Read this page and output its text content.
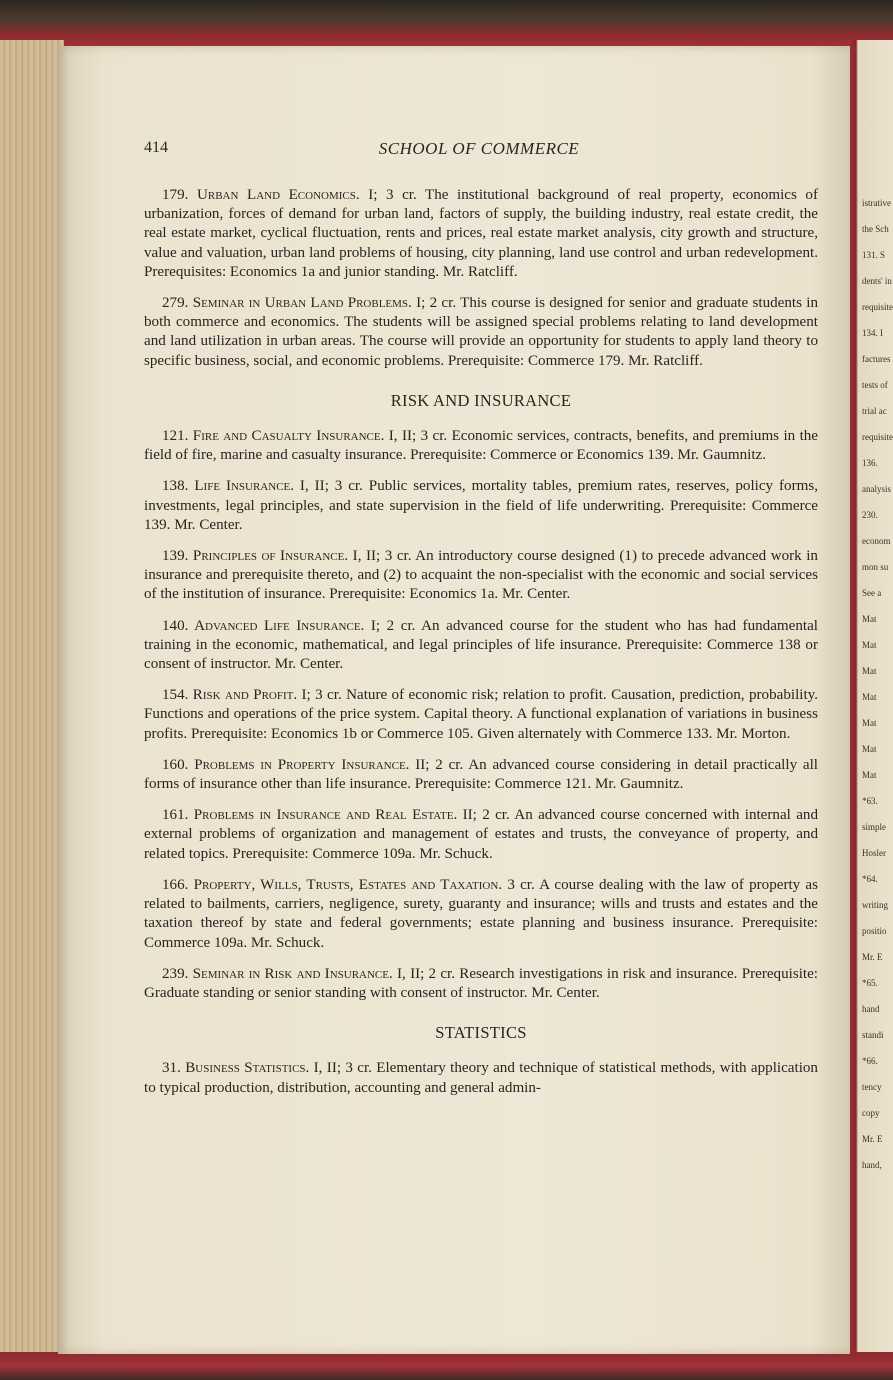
istrative
the Sch
131. S
dents' in
requisite
134. I
factures
tests of
trial ac
requisite
136.
analysis
230.
econom
mon su
See a
Mat
Mat
Mat
Mat
Mat
Mat
Mat
*63.
simple
Hosler
*64.
writing
positio
Mr. E
*65.
hand
standi
*66.
tency
copy
Mr. E
hand,
414	SCHOOL OF COMMERCE

179. Urban Land Economics. I; 3 cr. The institutional background of real property, economics of urbanization, forces of demand for urban land, factors of supply, the building industry, real estate credit, the real estate market, cyclical fluctuation, rents and prices, real estate market analysis, city growth and structure, value and valuation, urban land problems of housing, city planning, land use control and urban redevelopment. Prerequisites: Economics 1a and junior standing. Mr. Ratcliff.

279. Seminar in Urban Land Problems. I; 2 cr. This course is designed for senior and graduate students in both commerce and economics. The students will be assigned special problems relating to land development and land utilization in urban areas. The course will provide an opportunity for students to apply land theory to specific business, social, and economic problems. Prerequisite: Commerce 179. Mr. Ratcliff.

RISK AND INSURANCE

121. Fire and Casualty Insurance. I, II; 3 cr. Economic services, contracts, benefits, and premiums in the field of fire, marine and casualty insurance. Prerequisite: Commerce or Economics 139. Mr. Gaumnitz.

138. Life Insurance. I, II; 3 cr. Public services, mortality tables, premium rates, reserves, policy forms, investments, legal principles, and state supervision in the field of life underwriting. Prerequisite: Commerce 139. Mr. Center.

139. Principles of Insurance. I, II; 3 cr. An introductory course designed (1) to precede advanced work in insurance and prerequisite thereto, and (2) to acquaint the non-specialist with the economic and social services of the institution of insurance. Prerequisite: Economics 1a. Mr. Center.

140. Advanced Life Insurance. I; 2 cr. An advanced course for the student who has had fundamental training in the economic, mathematical, and legal principles of life insurance. Prerequisite: Commerce 138 or consent of instructor. Mr. Center.

154. Risk and Profit. I; 3 cr. Nature of economic risk; relation to profit. Causation, prediction, probability. Functions and operations of the price system. Capital theory. A functional explanation of variations in business profits. Prerequisite: Economics 1b or Commerce 105. Given alternately with Commerce 133. Mr. Morton.

160. Problems in Property Insurance. II; 2 cr. An advanced course considering in detail practically all forms of insurance other than life insurance. Prerequisite: Commerce 121. Mr. Gaumnitz.

161. Problems in Insurance and Real Estate. II; 2 cr. An advanced course concerned with internal and external problems of organization and management of estates and trusts, the conveyance of property, and related topics. Prerequisite: Commerce 109a. Mr. Schuck.

166. Property, Wills, Trusts, Estates and Taxation. 3 cr. A course dealing with the law of property as related to bailments, carriers, negligence, surety, guaranty and insurance; wills and trusts and estates and the taxation thereof by state and federal governments; estate planning and business insurance. Prerequisite: Commerce 109a. Mr. Schuck.

239. Seminar in Risk and Insurance. I, II; 2 cr. Research investigations in risk and insurance. Prerequisite: Graduate standing or senior standing with consent of instructor. Mr. Center.

STATISTICS

31. Business Statistics. I, II; 3 cr. Elementary theory and technique of statistical methods, with application to typical production, distribution, accounting and general admin-
